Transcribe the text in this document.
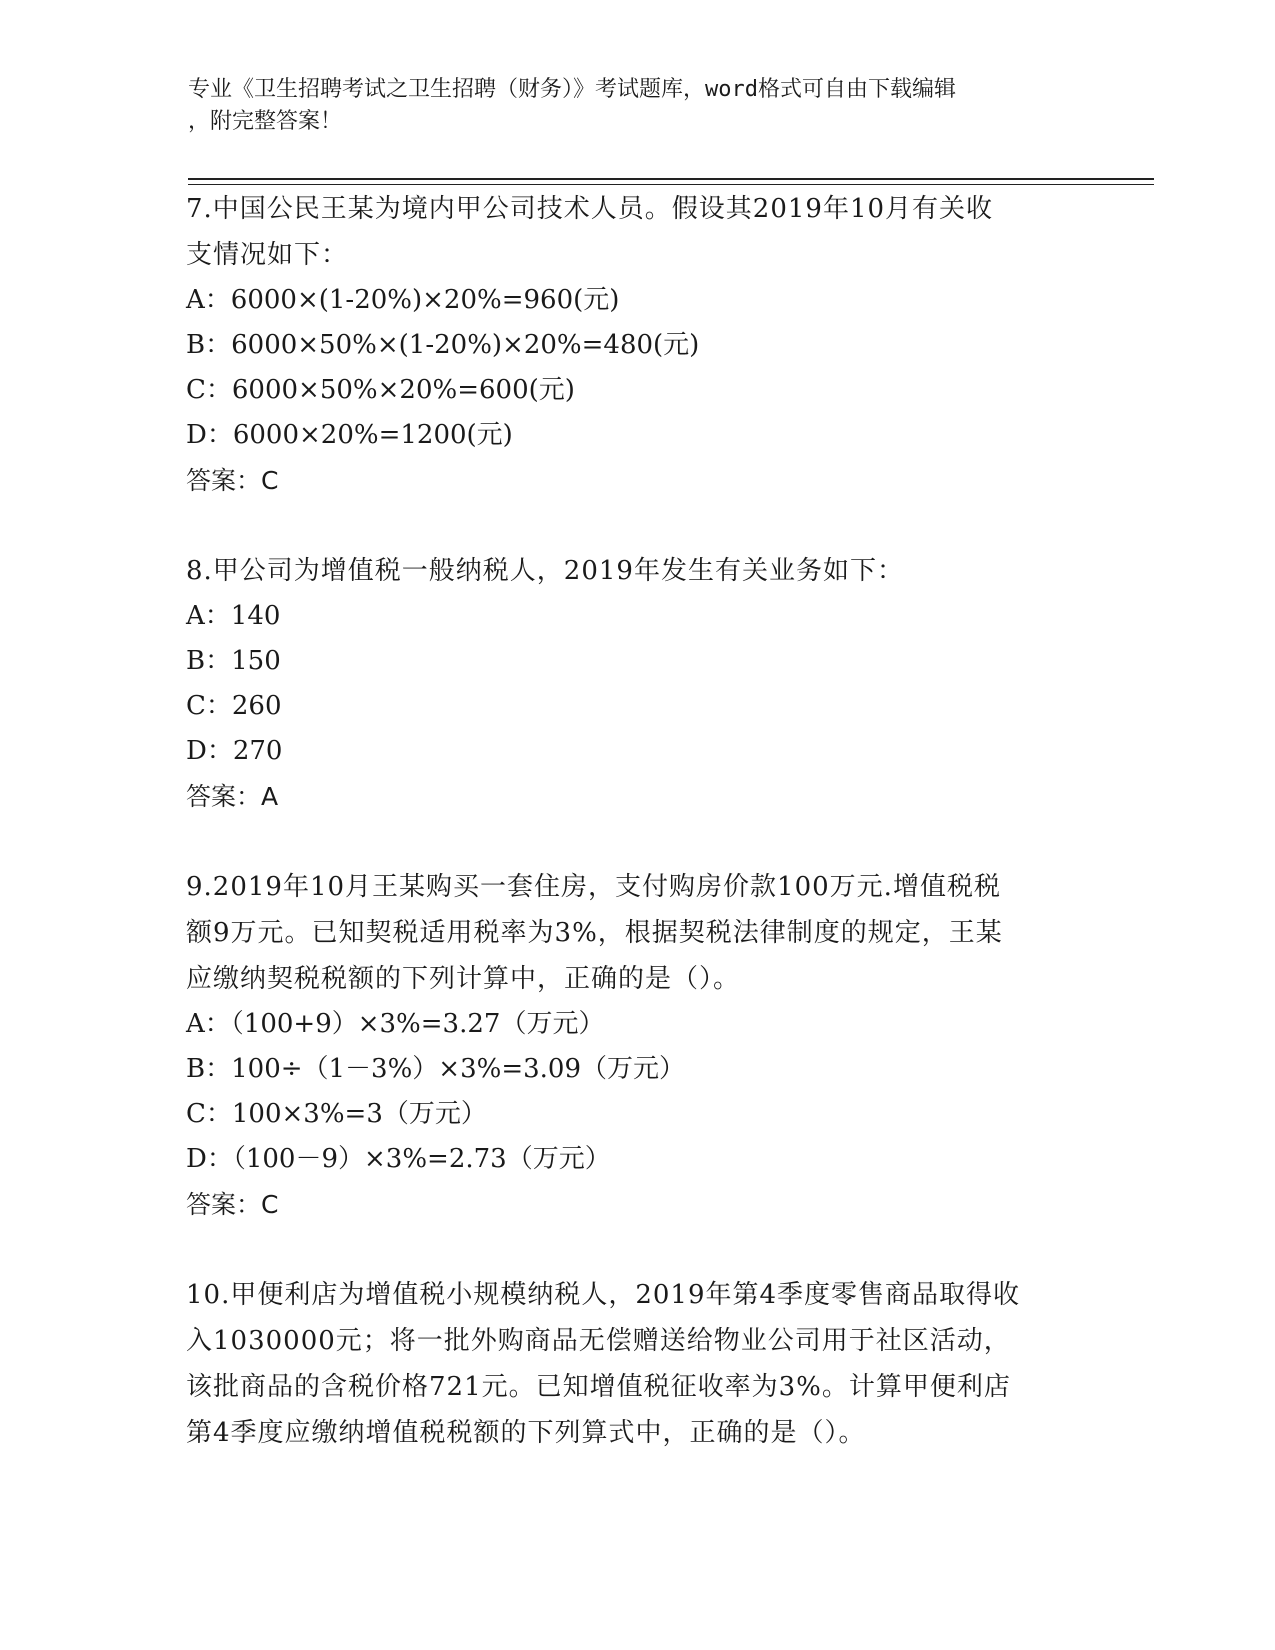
专业《卫生招聘考试之卫生招聘（财务）》考试题库，word格式可自由下载编辑
，附完整答案！
7.中国公民王某为境内甲公司技术人员。假设其2019年10月有关收
支情况如下：
A：6000×(1-20%)×20%=960(元)
B：6000×50%×(1-20%)×20%=480(元)
C：6000×50%×20%=600(元)
D：6000×20%=1200(元)
答案：C
8.甲公司为增值税一般纳税人，2019年发生有关业务如下：
A：140
B：150
C：260
D：270
答案：A
9.2019年10月王某购买一套住房，支付购房价款100万元.增值税税
额9万元。已知契税适用税率为3%，根据契税法律制度的规定，王某
应缴纳契税税额的下列计算中，正确的是（）。
A：（100+9）×3%=3.27（万元）
B：100÷（1－3%）×3%=3.09（万元）
C：100×3%=3（万元）
D：（100－9）×3%=2.73（万元）
答案：C
10.甲便利店为增值税小规模纳税人，2019年第4季度零售商品取得收
入1030000元；将一批外购商品无偿赠送给物业公司用于社区活动，
该批商品的含税价格721元。已知增值税征收率为3%。计算甲便利店
第4季度应缴纳增值税税额的下列算式中，正确的是（）。
